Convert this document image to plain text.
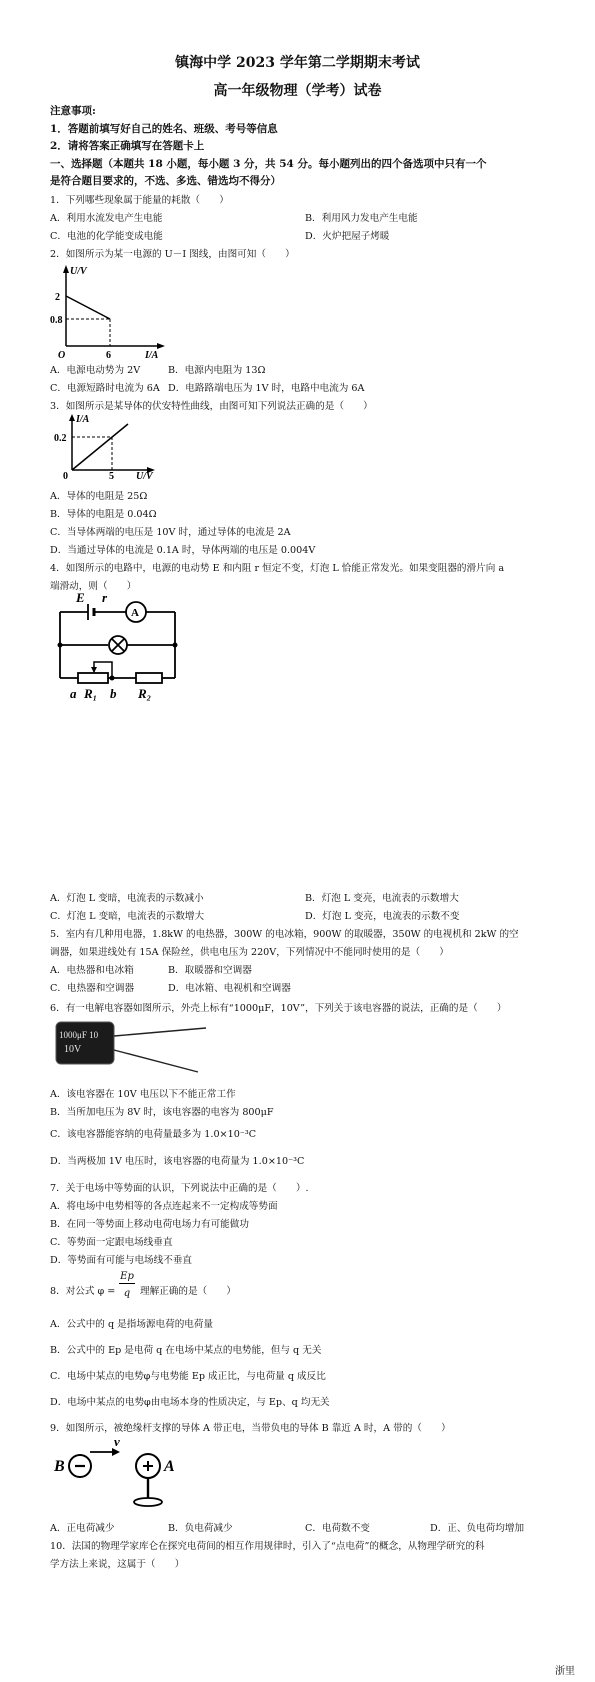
镇海中学 2023 学年第二学期期末考试
高一年级物理（学考）试卷
注意事项:
1．答题前填写好自己的姓名、班级、考号等信息
2．请将答案正确填写在答题卡上
一、选择题（本题共 18 小题，每小题 3 分，共 54 分。每小题列出的四个备选项中只有一个
是符合题目要求的，不选、多选、错选均不得分）
1．下列哪些现象属于能量的耗散（　　）
A．利用水流发电产生电能	B．利用风力发电产生电能
C．电池的化学能变成电能	D．火炉把屋子烤暖
2．如图所示为某一电源的 U－I 图线，由图可知（　　）
U/V
2
0.8
O	6	I/A
A．电源电动势为 2V	B．电源内电阻为 13Ω
C．电源短路时电流为 6A D．电路路端电压为 1V 时，电路中电流为 6A
3．如图所示是某导体的伏安特性曲线，由图可知下列说法正确的是（　　）
I/A
0.2
0	5 U/V
A．导体的电阻是 25Ω
B．导体的电阻是 0.04Ω
C．当导体两端的电压是 10V 时，通过导体的电流是 2A
D．当通过导体的电流是 0.1A 时，导体两端的电压是 0.004V
4．如图所示的电路中，电源的电动势 E 和内阻 r 恒定不变，灯泡 L 恰能正常发光。如果变阻器的滑片向 a
端滑动，则（　　）
E r
A
a R₁ b R₂
A．灯泡 L 变暗，电流表的示数减小	B．灯泡 L 变亮，电流表的示数增大
C．灯泡 L 变暗，电流表的示数增大	D．灯泡 L 变亮，电流表的示数不变
5．室内有几种用电器，1.8kW 的电热器，300W 的电冰箱，900W 的取暖器，350W 的电视机和 2kW 的空
调器，如果进线处有 15A 保险丝，供电电压为 220V，下列情况中不能同时使用的是（　　）
A．电热器和电冰箱	B．取暖器和空调器
C．电热器和空调器	D．电冰箱、电视机和空调器
6．有一电解电容器如图所示，外壳上标有“1000μF，10V”，下列关于该电容器的说法，正确的是（　　）
1000μF 10
10V
A．该电容器在 10V 电压以下不能正常工作
B．当所加电压为 8V 时，该电容器的电容为 800μF
C．该电容器能容纳的电荷量最多为 1.0×10⁻³C
D．当两极加 1V 电压时，该电容器的电荷量为 1.0×10⁻³C
7．关于电场中等势面的认识，下列说法中正确的是（　　）.
A．将电场中电势相等的各点连起来不一定构成等势面
B．在同一等势面上移动电荷电场力有可能做功
C．等势面一定跟电场线垂直
D．等势面有可能与电场线不垂直
8．对公式 φ =
Ep
q	理解正确的是（　　）
A．公式中的 q 是指场源电荷的电荷量
B．公式中的 Ep 是电荷 q 在电场中某点的电势能，但与 q 无关
C．电场中某点的电势φ与电势能 Ep 成正比，与电荷量 q 成反比
D．电场中某点的电势φ由电场本身的性质决定，与 Ep、q 均无关
9．如图所示，被绝缘杆支撑的导体 A 带正电，当带负电的导体 B 靠近 A 时，A 带的（　　）
B
v
A
A．正电荷减少	B．负电荷减少	C．电荷数不变	D．正、负电荷均增加
10．法国的物理学家库仑在探究电荷间的相互作用规律时，引入了“点电荷”的概念，从物理学研究的科
学方法上来说，这属于（　　）
浙里
